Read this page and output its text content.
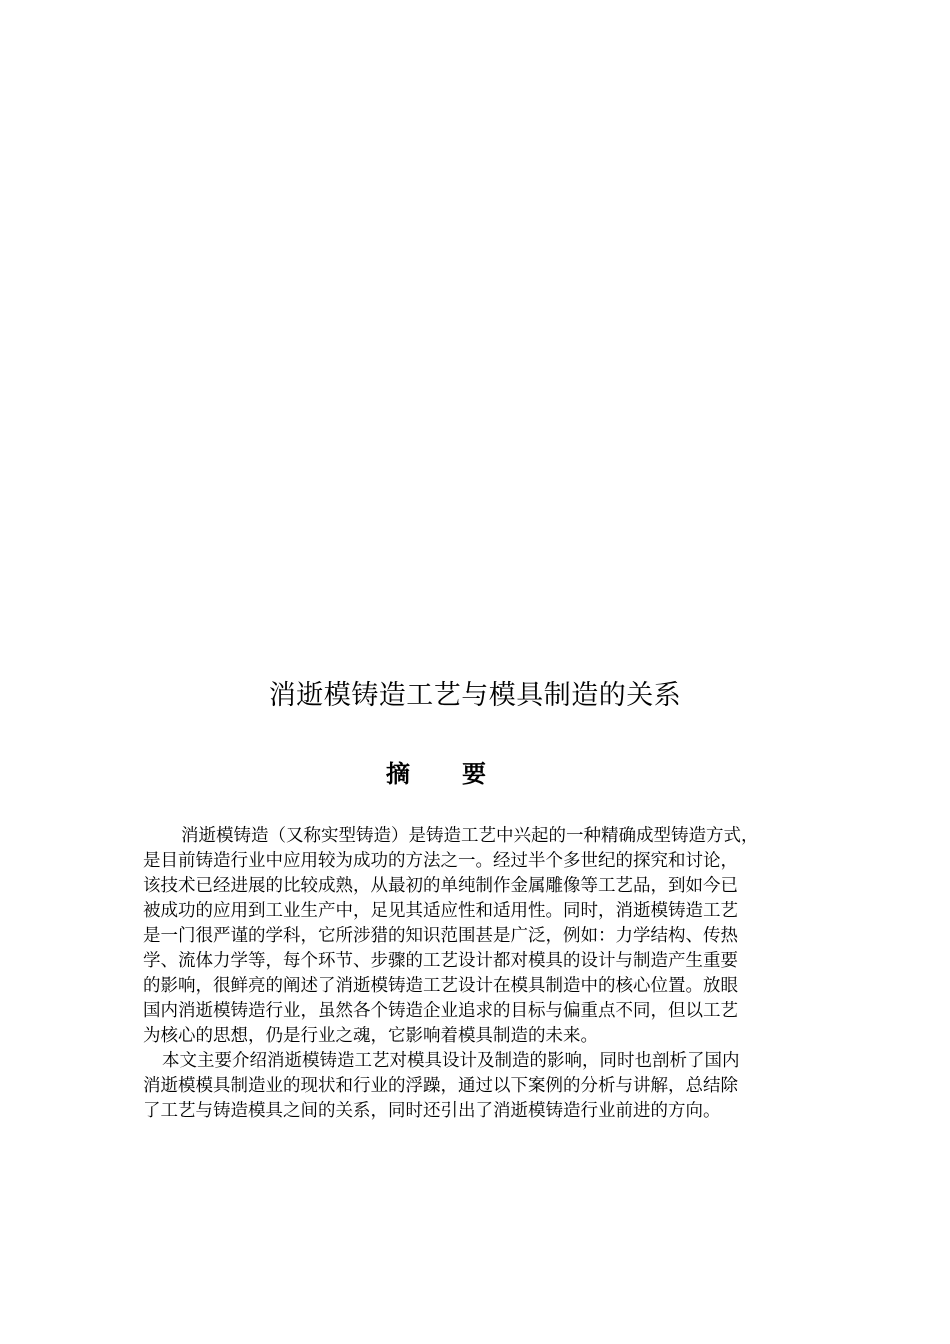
消逝模铸造工艺与模具制造的关系
摘 要
消逝模铸造（又称实型铸造）是铸造工艺中兴起的一种精确成型铸造方式，
是目前铸造行业中应用较为成功的方法之一。经过半个多世纪的探究和讨论，
该技术已经进展的比较成熟，从最初的单纯制作金属雕像等工艺品，到如今已
被成功的应用到工业生产中，足见其适应性和适用性。同时，消逝模铸造工艺
是一门很严谨的学科，它所涉猎的知识范围甚是广泛，例如：力学结构、传热
学、流体力学等，每个环节、步骤的工艺设计都对模具的设计与制造产生重要
的影响，很鲜亮的阐述了消逝模铸造工艺设计在模具制造中的核心位置。放眼
国内消逝模铸造行业，虽然各个铸造企业追求的目标与偏重点不同，但以工艺
为核心的思想，仍是行业之魂，它影响着模具制造的未来。
本文主要介绍消逝模铸造工艺对模具设计及制造的影响，同时也剖析了国内
消逝模模具制造业的现状和行业的浮躁，通过以下案例的分析与讲解，总结除
了工艺与铸造模具之间的关系，同时还引出了消逝模铸造行业前进的方向。
